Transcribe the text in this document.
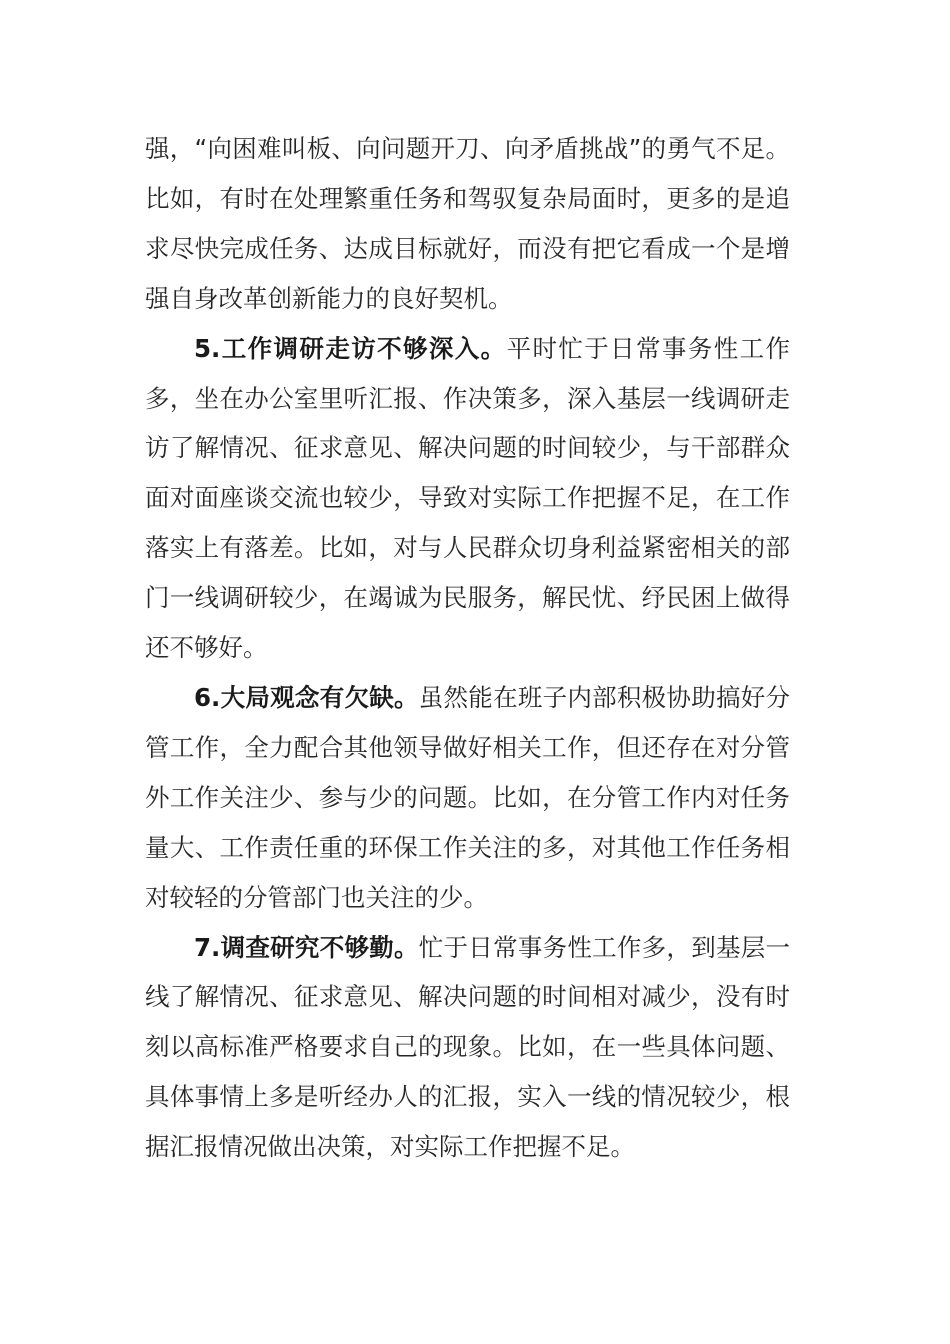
强，“向困难叫板、向问题开刀、向矛盾挑战”的勇气不足。比如，有时在处理繁重任务和驾驭复杂局面时，更多的是追求尽快完成任务、达成目标就好，而没有把它看成一个是增强自身改革创新能力的良好契机。

5.工作调研走访不够深入。平时忙于日常事务性工作多，坐在办公室里听汇报、作决策多，深入基层一线调研走访了解情况、征求意见、解决问题的时间较少，与干部群众面对面座谈交流也较少，导致对实际工作把握不足，在工作落实上有落差。比如，对与人民群众切身利益紧密相关的部门一线调研较少，在竭诚为民服务，解民忧、纾民困上做得还不够好。

6.大局观念有欠缺。虽然能在班子内部积极协助搞好分管工作，全力配合其他领导做好相关工作，但还存在对分管外工作关注少、参与少的问题。比如，在分管工作内对任务量大、工作责任重的环保工作关注的多，对其他工作任务相对较轻的分管部门也关注的少。

7.调查研究不够勤。忙于日常事务性工作多，到基层一线了解情况、征求意见、解决问题的时间相对减少，没有时刻以高标准严格要求自己的现象。比如，在一些具体问题、具体事情上多是听经办人的汇报，实入一线的情况较少，根据汇报情况做出决策，对实际工作把握不足。
